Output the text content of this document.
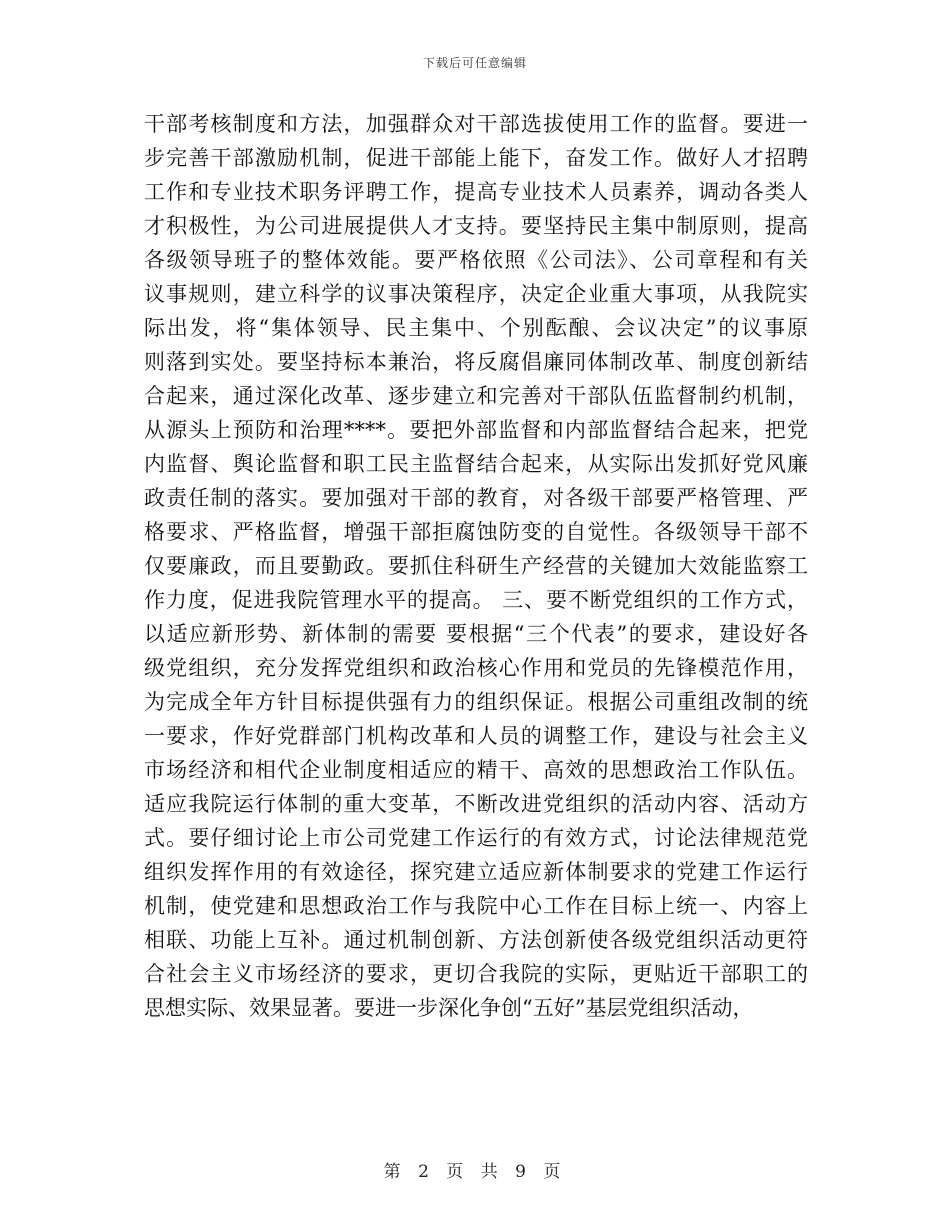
下载后可任意编辑
干部考核制度和方法，加强群众对干部选拔使用工作的监督。要进一
步完善干部激励机制，促进干部能上能下，奋发工作。做好人才招聘
工作和专业技术职务评聘工作，提高专业技术人员素养，调动各类人
才积极性，为公司进展提供人才支持。要坚持民主集中制原则，提高
各级领导班子的整体效能。要严格依照《公司法》、公司章程和有关
议事规则，建立科学的议事决策程序，决定企业重大事项，从我院实
际出发，将“集体领导、民主集中、个别酝酿、会议决定”的议事原
则落到实处。要坚持标本兼治，将反腐倡廉同体制改革、制度创新结
合起来，通过深化改革、逐步建立和完善对干部队伍监督制约机制，
从源头上预防和治理****。要把外部监督和内部监督结合起来，把党
内监督、舆论监督和职工民主监督结合起来，从实际出发抓好党风廉
政责任制的落实。要加强对干部的教育，对各级干部要严格管理、严
格要求、严格监督，增强干部拒腐蚀防变的自觉性。各级领导干部不
仅要廉政，而且要勤政。要抓住科研生产经营的关键加大效能监察工
作力度，促进我院管理水平的提高。 三、要不断党组织的工作方式，
以适应新形势、新体制的需要 要根据“三个代表”的要求，建设好各
级党组织，充分发挥党组织和政治核心作用和党员的先锋模范作用，
为完成全年方针目标提供强有力的组织保证。根据公司重组改制的统
一要求，作好党群部门机构改革和人员的调整工作，建设与社会主义
市场经济和相代企业制度相适应的精干、高效的思想政治工作队伍。
适应我院运行体制的重大变革，不断改进党组织的活动内容、活动方
式。要仔细讨论上市公司党建工作运行的有效方式，讨论法律规范党
组织发挥作用的有效途径，探究建立适应新体制要求的党建工作运行
机制，使党建和思想政治工作与我院中心工作在目标上统一、内容上
相联、功能上互补。通过机制创新、方法创新使各级党组织活动更符
合社会主义市场经济的要求，更切合我院的实际，更贴近干部职工的
思想实际、效果显著。要进一步深化争创“五好”基层党组织活动，
第 2 页 共 9 页
